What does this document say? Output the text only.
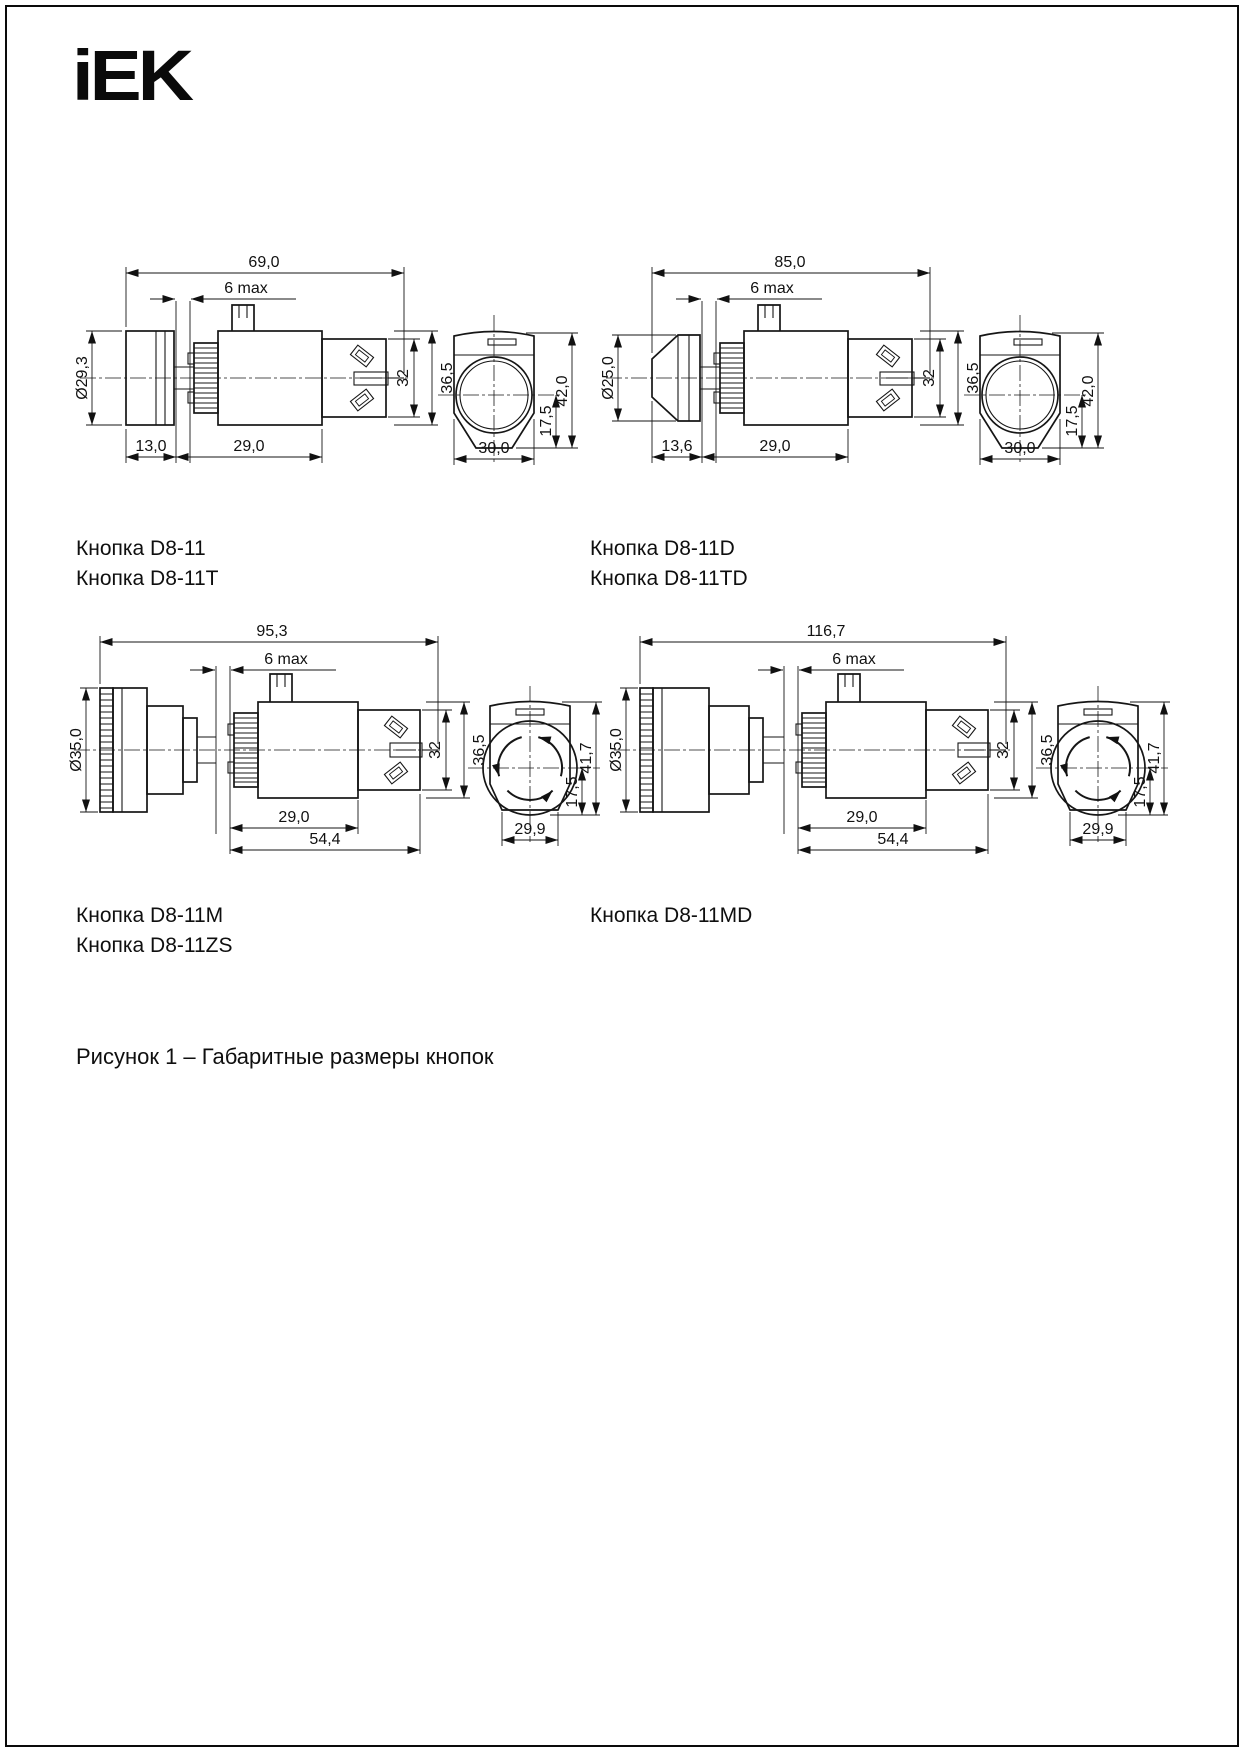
iEK
69,0
6 max
Ø29,3
13,0	29,0
32 36,5
30,0
17,5
42,0
85,0
6 max
Ø25,0
13,6	29,0
32 36,5
30,0
17,5
42,0
95,3
6 max
Ø35,0
29,0
54,4
32 36,5
29,9
17,5
41,7
116,7
6 max
Ø35,0
29,0
54,4
32 36,5
29,9
17,5
41,7
Кнопка D8-11
Кнопка D8-11T
Кнопка D8-11D
Кнопка D8-11TD
Кнопка D8-11M
Кнопка D8-11ZS
Кнопка D8-11MD
Рисунок 1 – Габаритные размеры кнопок
